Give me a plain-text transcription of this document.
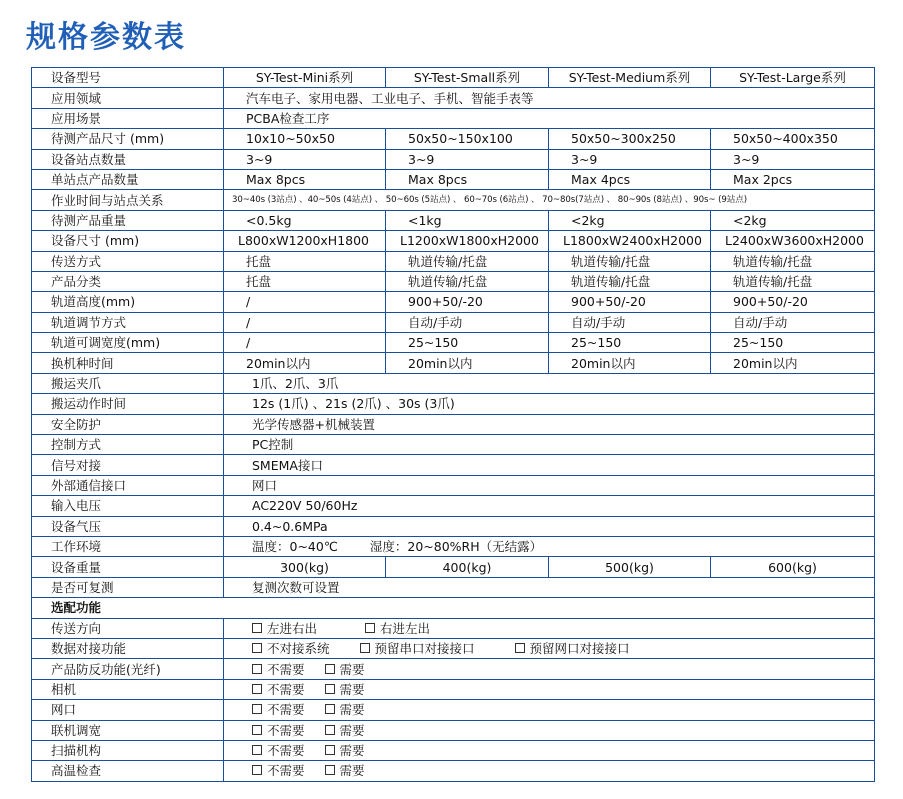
规格参数表
设备型号	SY-Test-Mini系列	SY-Test-Small系列	SY-Test-Medium系列	SY-Test-Large系列
应用领域	汽车电子、家用电器、工业电子、手机、智能手表等			
应用场景	PCBA检查工序			
待测产品尺寸 (mm)	10x10~50x50	50x50~150x100	50x50~300x250	50x50~400x350
设备站点数量	3~9	3~9	3~9	3~9
单站点产品数量	Max 8pcs	Max 8pcs	Max 4pcs	Max 2pcs
作业时间与站点关系	30~40s (3站点) 、40~50s (4站点) 、 50~60s (5站点) 、 60~70s (6站点) 、 70~80s(7站点) 、 80~90s (8站点) 、90s~ (9站点)			
待测产品重量	<0.5kg	<1kg	<2kg	<2kg
设备尺寸 (mm)	L800xW1200xH1800	L1200xW1800xH2000	L1800xW2400xH2000	L2400xW3600xH2000
传送方式	托盘	轨道传输/托盘	轨道传输/托盘	轨道传输/托盘
产品分类	托盘	轨道传输/托盘	轨道传输/托盘	轨道传输/托盘
轨道高度(mm)	/	900+50/-20	900+50/-20	900+50/-20
轨道调节方式	/	自动/手动	自动/手动	自动/手动
轨道可调宽度(mm)	/	25~150	25~150	25~150
换机种时间	20min以内	20min以内	20min以内	20min以内
搬运夹爪	1爪、2爪、3爪			
搬运动作时间	12s (1爪) 、21s (2爪) 、30s (3爪)			
安全防护	光学传感器+机械装置			
控制方式	PC控制			
信号对接	SMEMA接口			
外部通信接口	网口			
输入电压	AC220V 50/60Hz			
设备气压	0.4~0.6MPa			
工作环境	温度：0~40℃ 湿度：20~80%RH（无结露）			
设备重量	300(kg)	400(kg)	500(kg)	600(kg)
是否可复测	复测次数可设置			
选配功能				
传送方向	左进右出 右进左出			
数据对接功能	不对接系统 预留串口对接接口 预留网口对接接口			
产品防反功能(光纤)	不需要 需要			
相机	不需要 需要			
网口	不需要 需要			
联机调宽	不需要 需要			
扫描机构	不需要 需要			
高温检查	不需要 需要			
